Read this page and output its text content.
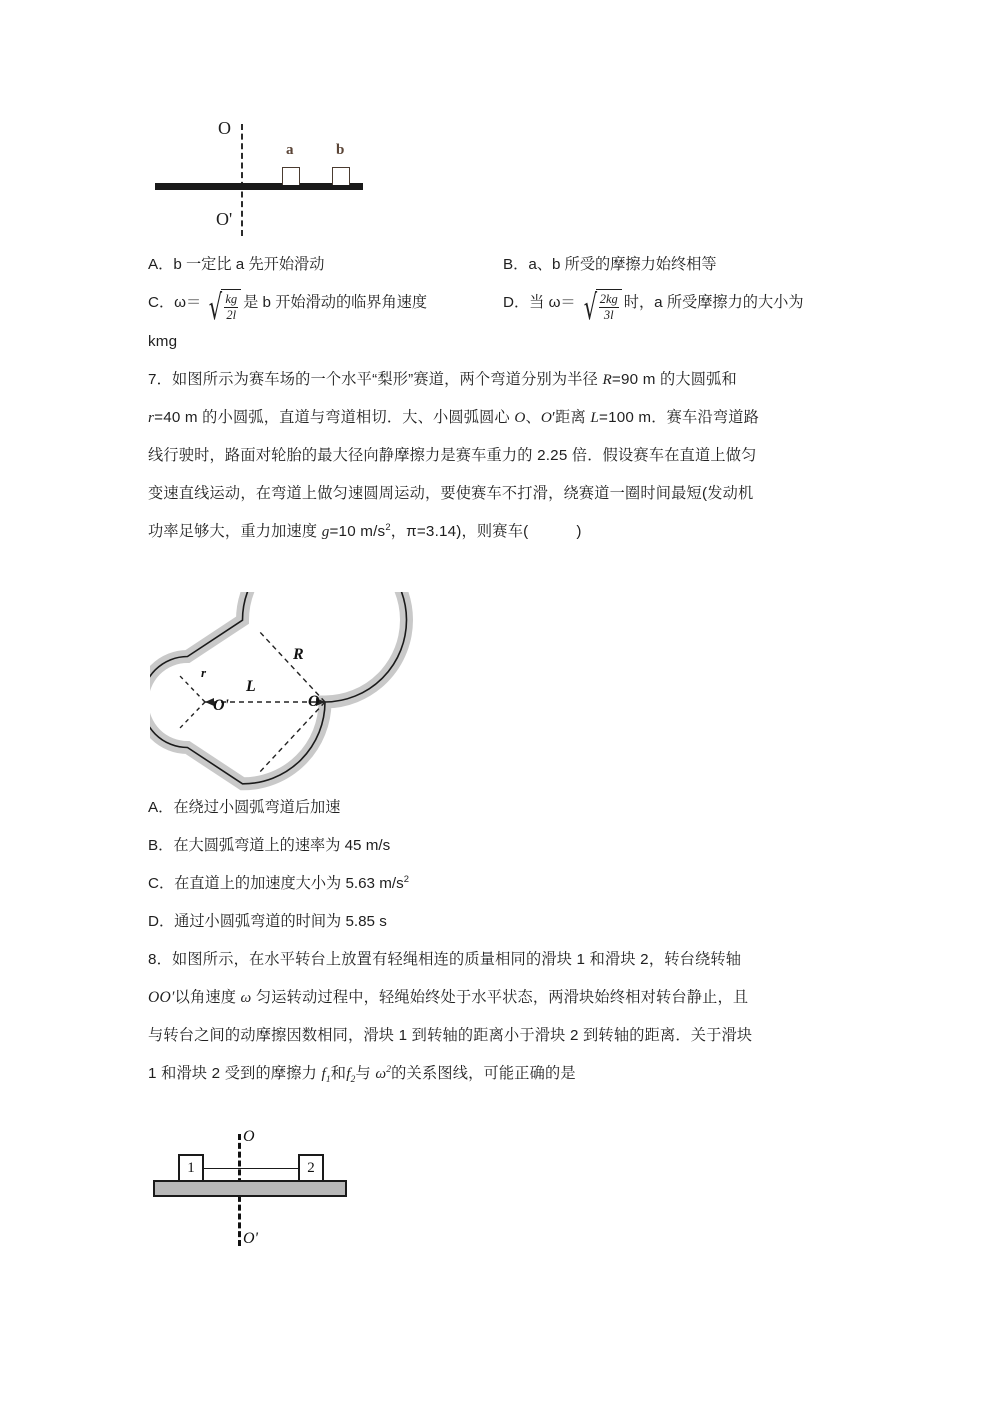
O
a	b
O'
A．b 一定比 a 先开始滑动	B．a、b 所受的摩擦力始终相等
C．ω＝ √ $\frac{kg}{2l}$ 是 b 开始滑动的临界角速度	D．当 ω＝ √ $\frac{2kg}{3l}$ 时，a 所受摩擦力的大小为
kmg
7．如图所示为赛车场的一个水平“梨形”赛道，两个弯道分别为半径 R=90 m 的大圆弧和
r=40 m 的小圆弧，直道与弯道相切．大、小圆弧圆心 O、O′距离 L=100 m．赛车沿弯道路
线行驶时，路面对轮胎的最大径向静摩擦力是赛车重力的 2.25 倍．假设赛车在直道上做匀
变速直线运动，在弯道上做匀速圆周运动，要使赛车不打滑，绕赛道一圈时间最短(发动机
功率足够大，重力加速度 g=10 $m/s^2$，π=3.14)，则赛车(	)
A．在绕过小圆弧弯道后加速
B．在大圆弧弯道上的速率为 45 m/s
C．在直道上的加速度大小为 5.63 $m/s^2$
D．通过小圆弧弯道的时间为 5.85 s
8．如图所示，在水平转台上放置有轻绳相连的质量相同的滑块 1 和滑块 2，转台绕转轴
OO′以角速度 ω 匀运转动过程中，轻绳始终处于水平状态，两滑块始终相对转台静止，且
与转台之间的动摩擦因数相同，滑块 1 到转轴的距离小于滑块 2 到转轴的距离．关于滑块
1 和滑块 2 受到的摩擦力 $f_1$和$f_2$与 $\omega^2$的关系图线，可能正确的是
R
L
r
O
O'
O
1	2
O'
